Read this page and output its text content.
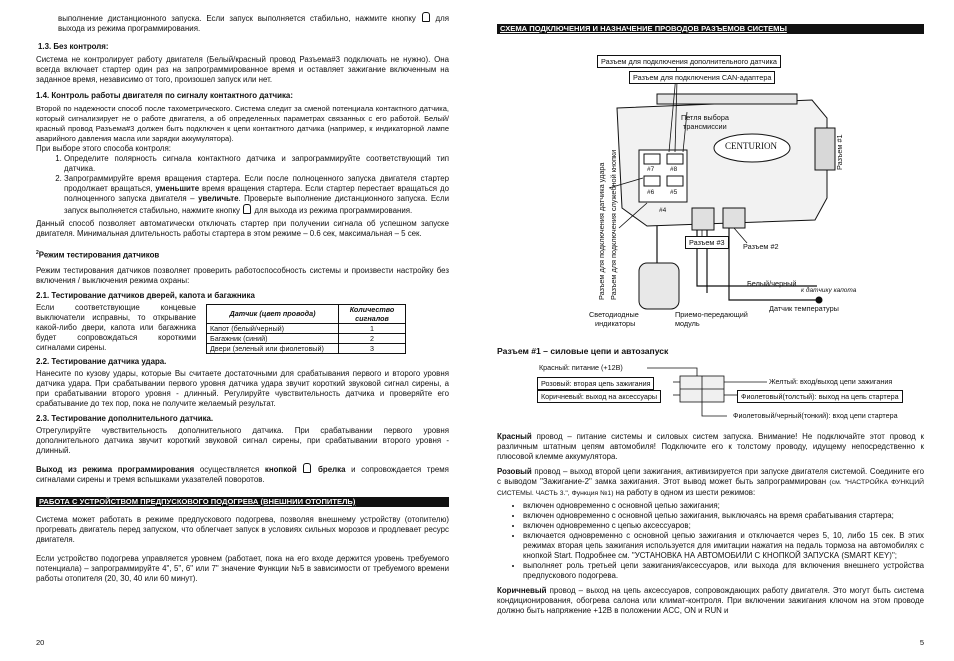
выполнение дистанционного запуска. Если запуск выполняется стабильно, нажмите кнопку для выхода из режима программирования.

1.3. Без контроля:

Система не контролирует работу двигателя (Белый/красный провод Разъема#3 подключать не нужно). Она всегда включает стартер один раз на запрограммированное время и оставляет зажигание включенным на заданное время, независимо от того, произошел запуск или нет.

1.4. Контроль работы двигателя по сигналу контактного датчика:

Второй по надежности способ после тахометрического. Система следит за сменой потенциала контактного датчика, который сигнализирует не о работе двигателя, а об определенных параметрах связанных с его работой. Белый/красный провод Разъема#3 должен быть подключен к цепи контактного датчика (например, к индикаторной лампе аварийного давления масла или зарядки аккумулятора).

При выборе этого способа контроля:

1. Определите полярность сигнала контактного датчика и запрограммируйте соответствующий тип датчика.
2. Запрограммируйте время вращения стартера. Если после полноценного запуска двигателя стартер продолжает вращаться, уменьшите время вращения стартера. Если стартер перестает вращаться до полноценного запуска двигателя – увеличьте. Проверьте выполнение дистанционного запуска. Если запуск выполняется стабильно, нажмите кнопку для выхода из режима программирования.

Данный способ позволяет автоматически отключать стартер при получении сигнала об успешном запуске двигателя. Минимальная длительность работы стартера в этом режиме – 0.6 сек, максимальная – 5 сек.

$^2$Режим тестирования датчиков

Режим тестирования датчиков позволяет проверить работоспособность системы и произвести настройку без включения / выключения режима охраны:

2.1. Тестирование датчиков дверей, капота и багажника

Если соответствующие концевые выключатели исправны, то открывание какой-либо двери, капота или багажника будет сопровождаться короткими сигналами сирены.

Датчик (цвет провода)	Количество сигналов
Капот (белый/черный)	1
Багажник (синий)	2
Двери (зеленый или фиолетовый)	3
2.2. Тестирование датчика удара.

Нанесите по кузову удары, которые Вы считаете достаточными для срабатывания первого и второго уровня датчика удара. При срабатывании первого уровня датчика удара звучит короткий звуковой сигнал сирены, а при срабатывании второго уровня - длинный. Регулируйте чувствительность датчика и проверяйте его срабатывание до тех пор, пока не получите желаемый результат.

2.3. Тестирование дополнительного датчика.

Отрегулируйте чувствительность дополнительного датчика. При срабатывании первого уровня дополнительного датчика звучит короткий звуковой сигнал сирены, при срабатывании второго уровня - длинный.

Выход из режима программирования осуществляется кнопкой	брелка и сопровождается тремя сигналами сирены и тремя вспышками указателей поворотов.

РАБОТА С УСТРОЙСТВОМ ПРЕДПУСКОВОГО ПОДОГРЕВА (ВНЕШНИИ ОТОПИТЕЛЬ)

Система может работать в режиме предпускового подогрева, позволяя внешнему устройству (отопителю) прогревать двигатель перед запуском, что облегчает запуск в условиях сильных морозов и продлевает ресурс двигателя.

Если устройство подогрева управляется уровнем (работает, пока на его входе держится уровень требуемого потенциала) – запрограммируйте 4", 5", 6" или 7" значение Функции №5 в зависимости от требуемого времени работы отопителя (20, 30, 40 или 60 минут).

20
СХЕМА ПОДКЛЮЧЕНИЯ И НАЗНАЧЕНИЕ ПРОВОДОВ РАЗЪЕМОВ СИСТЕМЫ
Разъем для подключения дополнительного датчика
Разъем для подключения CAN-адаптера
Петля выбора
трансмиссии
CENTURION
#7 #8
#6 #5
#4
Разъем #1
Разъем для подключения датчика удара Разъем для подключения служебной кнопки	Разъем #3	Разъем #2
Белый/черный
к датчику капота
Датчик температуры
Светодиодные
индикаторы
Приемо-передающий
модуль
Разъем #1 – силовые цепи и автозапуск
Красный: питание (+12В)
Розовый: вторая цепь зажигания
Коричневый: выход на аксессуары
Желтый: вход/выход цепи зажигания
Фиолетовый(толстый): выход на цепь стартера
Фиолетовый/черный(тонкий): вход цепи стартера

Красный провод – питание системы и силовых систем запуска. Внимание! Не подключайте этот провод к различным штатным цепям автомобиля! Подключите его к толстому проводу, идущему непосредственно к плюсовой клемме аккумулятора.

Розовый провод – выход второй цепи зажигания, активизируется при запуске двигателя системой. Соедините его с выводом "Зажигание-2" замка зажигания. Этот вывод может быть запрограммирован (см. "НАСТРОЙКА ФУНКЦИЙ СИСТЕМЫ. ЧАСТЬ 3.", Функция №1) на работу в одном из шести режимов:

• включен одновременно с основной цепью зажигания;
• включен одновременно с основной цепью зажигания, выключаясь на время срабатывания стартера;
• включен одновременно с цепью аксессуаров;
• включается одновременно с основной цепью зажигания и отключается через 5, 10, либо 15 сек. В этих режимах вторая цепь зажигания используется для имитации нажатия на педаль тормоза на автомобилях с кнопкой Start. Подробнее см. "УСТАНОВКА НА АВТОМОБИЛИ С КНОПКОЙ ЗАПУСКА (SMART KEY)";
• выполняет роль третьей цепи зажигания/аксессуаров, или выхода для включения внешнего устройства предпускового подогрева.

Коричневый провод – выход на цепь аксессуаров, сопровождающих работу двигателя. Это могут быть система кондиционирования, обогрева салона или климат-контроля. При включении зажигания ключом на этом проводе должно быть напряжение +12В в положении ACC, ON и RUN и

5
